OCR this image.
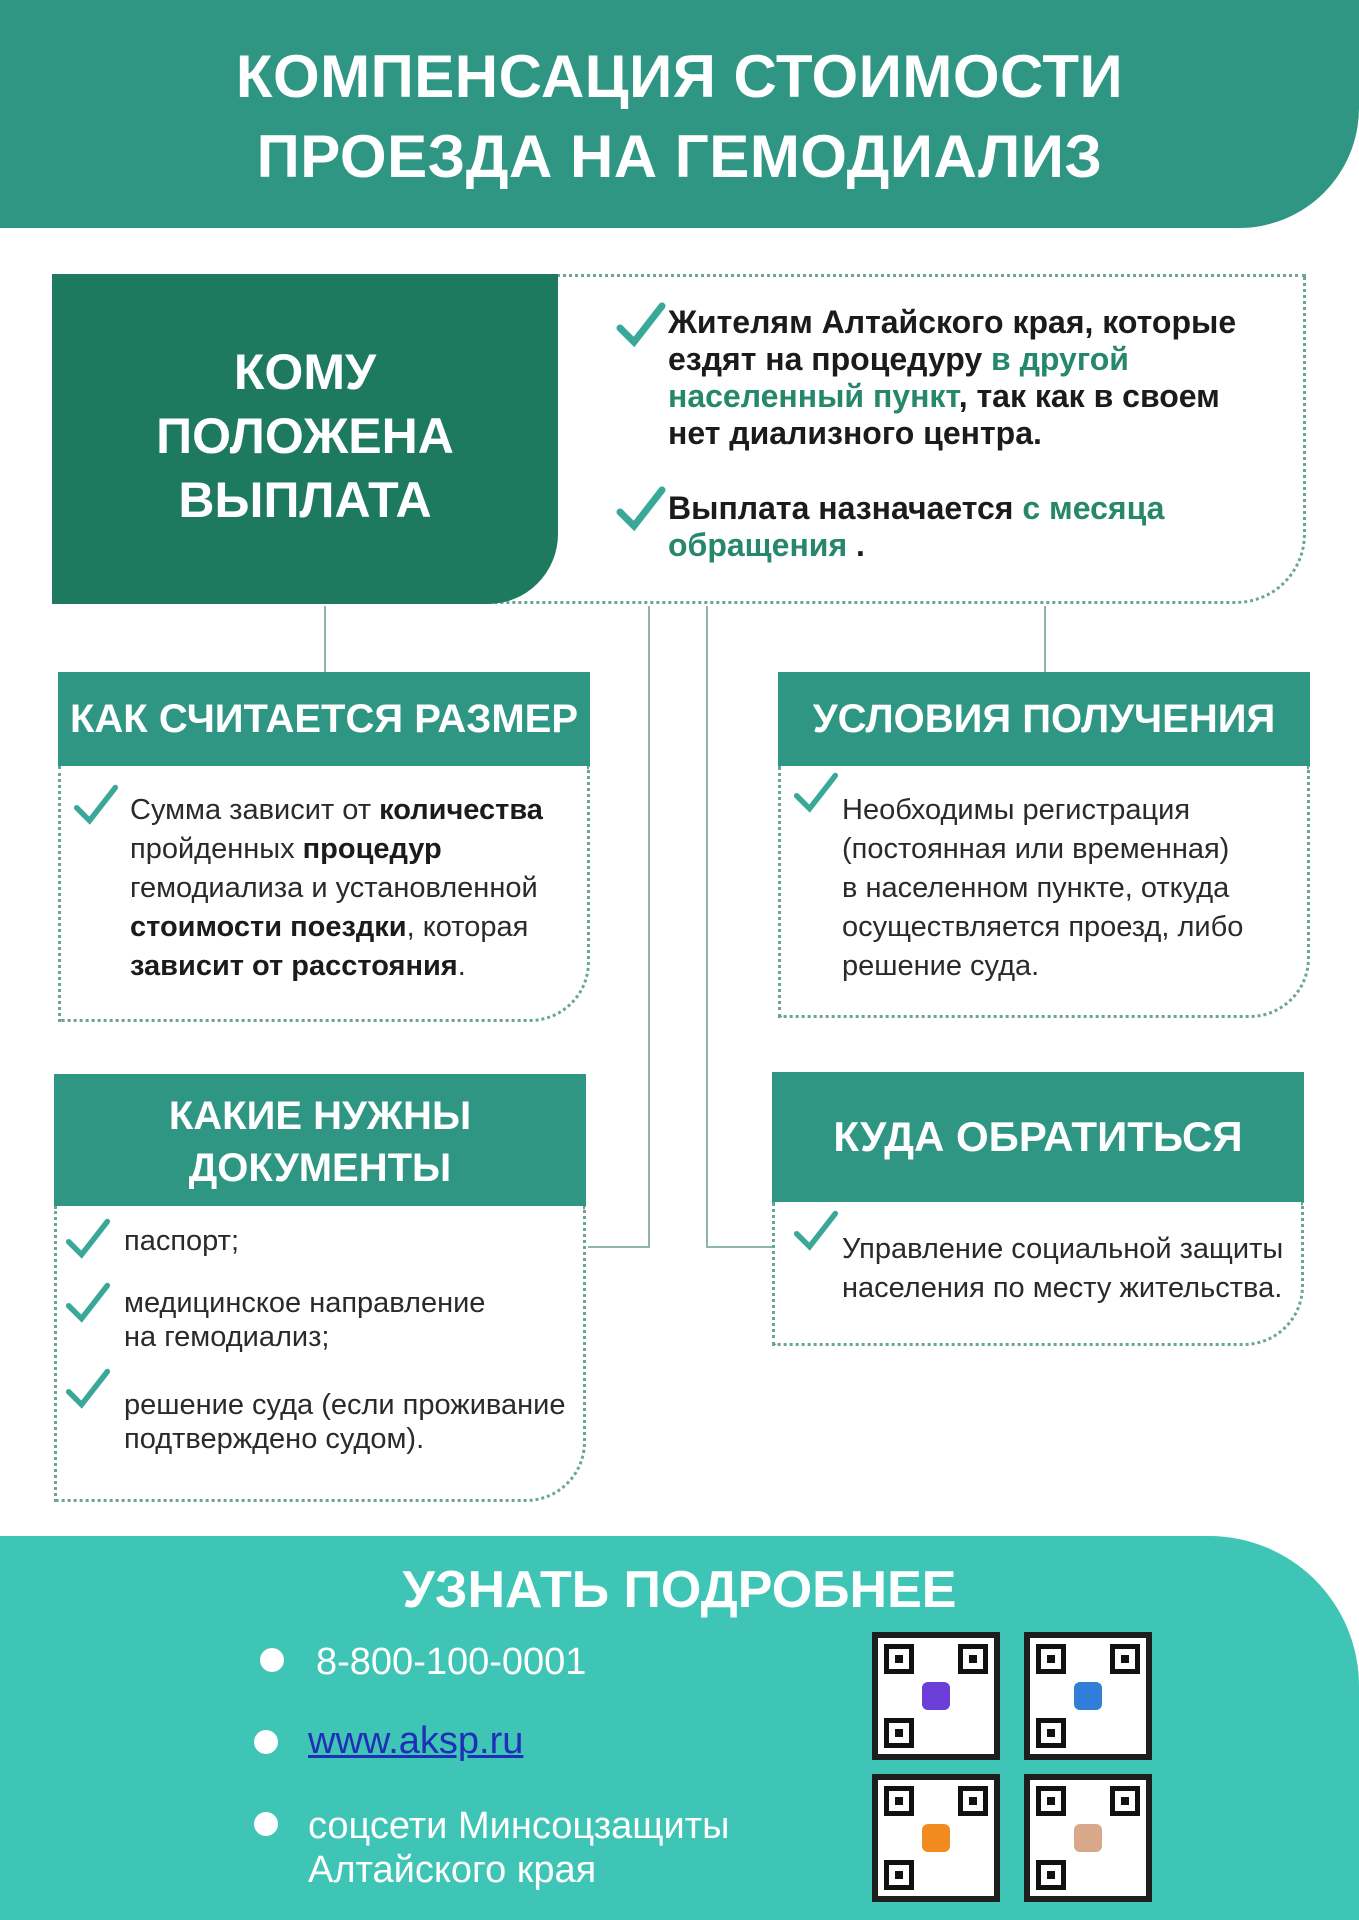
КОМПЕНСАЦИЯ СТОИМОСТИ
ПРОЕЗДА НА ГЕМОДИАЛИЗ
КОМУ
ПОЛОЖЕНА
ВЫПЛАТА
Жителям Алтайского края, которые
ездят на процедуру в другой
населенный пункт, так как в своем
нет диализного центра.
Выплата назначается с месяца
обращения .
КАК СЧИТАЕТСЯ РАЗМЕР
Сумма зависит от количества
пройденных процедур
гемодиализа и установленной
стоимости поездки, которая
зависит от расстояния.
УСЛОВИЯ ПОЛУЧЕНИЯ
Необходимы регистрация
(постоянная или временная)
в населенном пункте, откуда
осуществляется проезд, либо
решение суда.
КАКИЕ НУЖНЫ
ДОКУМЕНТЫ
паспорт;
медицинское направление
на гемодиализ;
решение суда (если проживание
подтверждено судом).
КУДА ОБРАТИТЬСЯ
Управление социальной защиты
населения по месту жительства.
УЗНАТЬ ПОДРОБНЕЕ
8-800-100-0001
www.aksp.ru
соцсети Минсоцзащиты
Алтайского края
